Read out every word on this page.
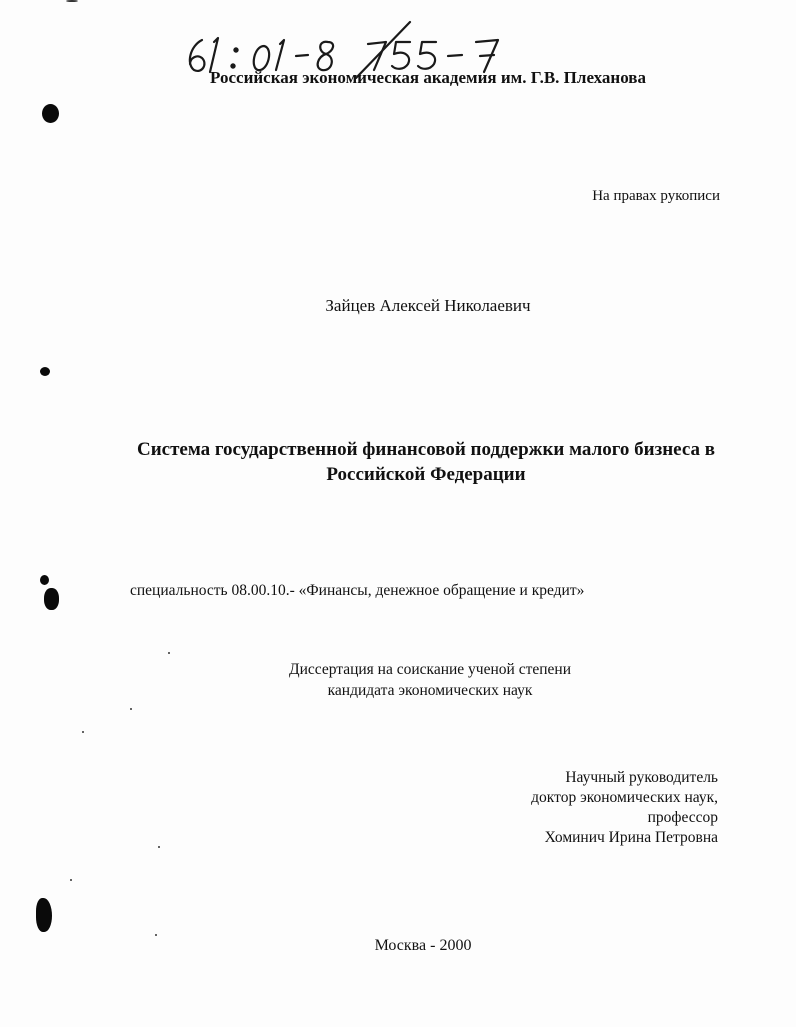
Российская экономическая академия им. Г.В. Плеханова
На правах рукописи
Зайцев Алексей Николаевич
Система государственной финансовой поддержки малого бизнеса в
Российской Федерации
специальность 08.00.10.- «Финансы, денежное обращение и кредит»
Диссертация на соискание ученой степени
кандидата экономических наук
Научный руководитель
доктор экономических наук,
профессор
Хоминич Ирина Петровна
Москва - 2000
